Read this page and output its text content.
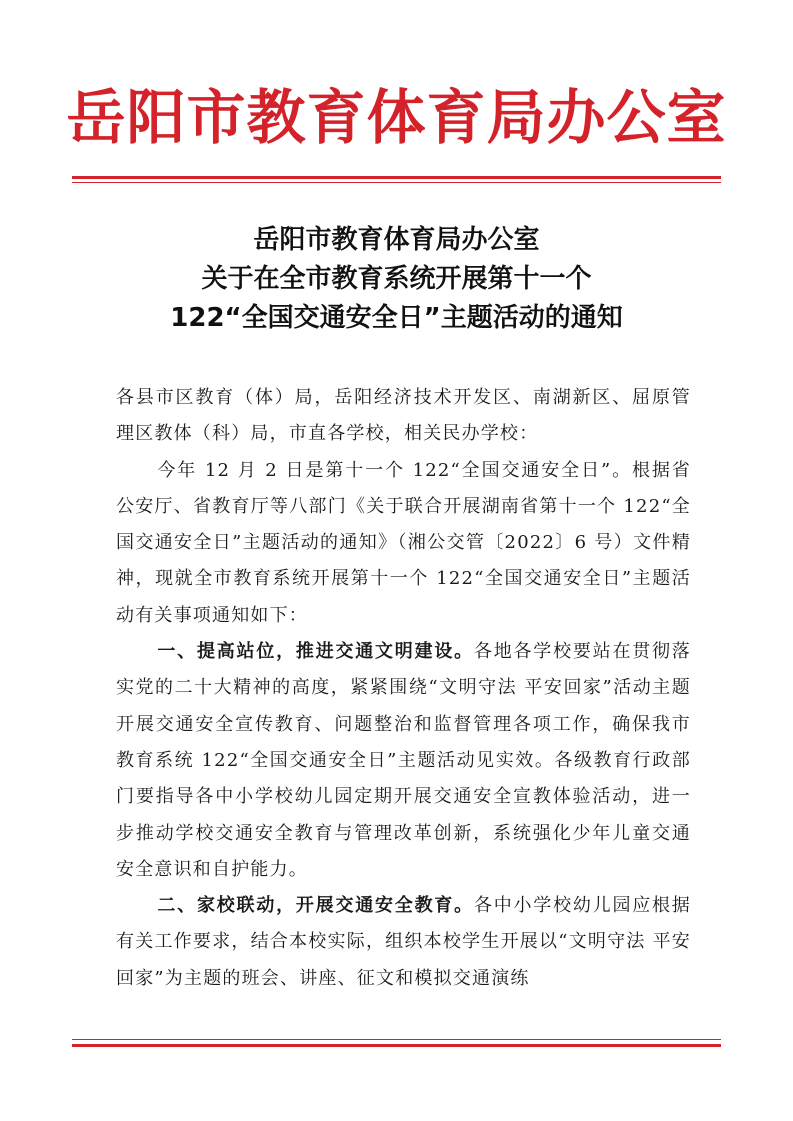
岳阳市教育体育局办公室
岳阳市教育体育局办公室
关于在全市教育系统开展第十一个
122“全国交通安全日”主题活动的通知

各县市区教育（体）局，岳阳经济技术开发区、南湖新区、屈原管理区教体（科）局，市直各学校，相关民办学校：

今年 12 月 2 日是第十一个 122“全国交通安全日”。根据省公安厅、省教育厅等八部门《关于联合开展湖南省第十一个 122“全国交通安全日”主题活动的通知》（湘公交管〔2022〕6 号）文件精神，现就全市教育系统开展第十一个 122“全国交通安全日”主题活动有关事项通知如下：

一、提高站位，推进交通文明建设。各地各学校要站在贯彻落实党的二十大精神的高度，紧紧围绕“文明守法 平安回家”活动主题开展交通安全宣传教育、问题整治和监督管理各项工作，确保我市教育系统 122“全国交通安全日”主题活动见实效。各级教育行政部门要指导各中小学校幼儿园定期开展交通安全宣教体验活动，进一步推动学校交通安全教育与管理改革创新，系统强化少年儿童交通安全意识和自护能力。

二、家校联动，开展交通安全教育。各中小学校幼儿园应根据有关工作要求，结合本校实际，组织本校学生开展以“文明守法 平安回家”为主题的班会、讲座、征文和模拟交通演练
